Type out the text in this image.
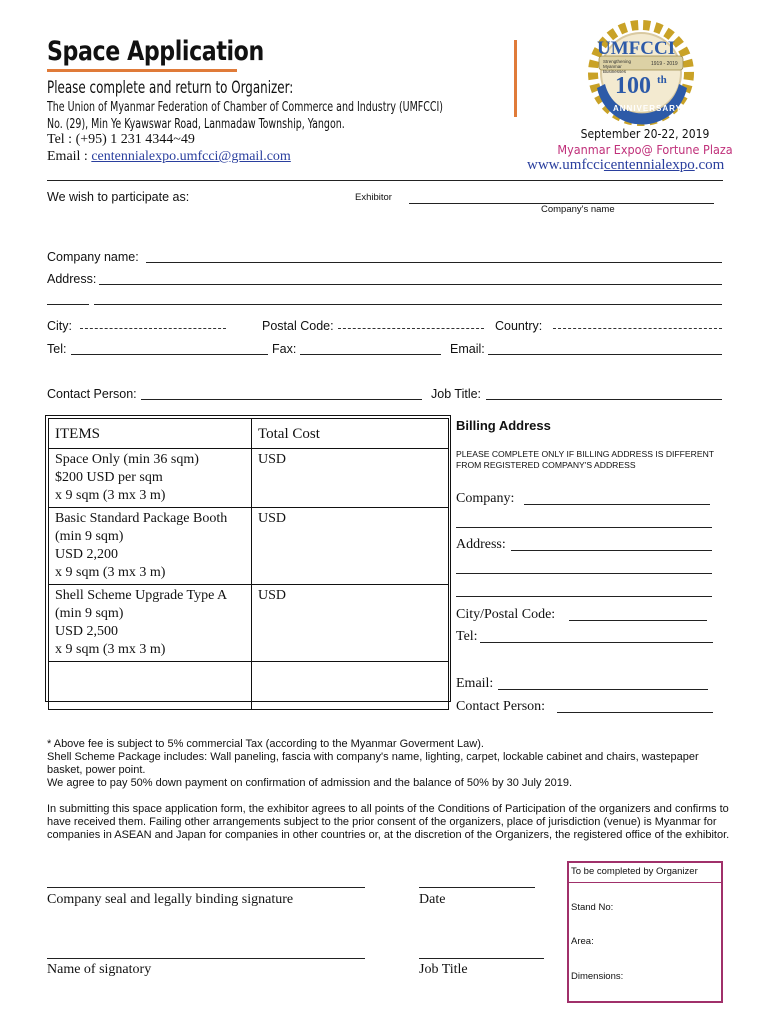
Space Application
Please complete and return to Organizer:
The Union of Myanmar Federation of Chamber of Commerce and Industry (UMFCCI)
No. (29), Min Ye Kyawswar Road, Lanmadaw Township, Yangon.
Tel : (+95) 1 231 4344~49
Email : centennialexpo.umfcci@gmail.com
UMFCCI
Strengthening Myanmar Businesses
1919 - 2019
100 th
ANNIVERSARY
September 20-22, 2019
Myanmar Expo@ Fortune Plaza
www.umfccicentennialexpo.com
We wish to participate as:	Exhibitor
Company's name
Company name:
Address:
City:	Postal Code:	Country:
Tel:	Fax:	Email:
Contact Person:	Job Title:
ITEMS	Total Cost

Space Only (min 36 sqm)
$200 USD per sqm
x 9 sqm (3 mx 3 m)	USD

Basic Standard Package Booth
(min 9 sqm)
USD 2,200
x 9 sqm (3 mx 3 m)	USD

Shell Scheme Upgrade Type A
(min 9 sqm)
USD 2,500
x 9 sqm (3 mx 3 m)	USD

Billing Address
PLEASE COMPLETE ONLY IF BILLING ADDRESS IS DIFFERENT FROM REGISTERED COMPANY'S ADDRESS
Company:
Address:
City/Postal Code:
Tel:
Email:
Contact Person:
* Above fee is subject to 5% commercial Tax (according to the Myanmar Goverment Law).
Shell Scheme Package includes: Wall paneling, fascia with company's name, lighting, carpet, lockable cabinet and chairs, wastepaper basket, power point.
We agree to pay 50% down payment on confirmation of admission and the balance of 50% by 30 July 2019.
In submitting this space application form, the exhibitor agrees to all points of the Conditions of Participation of the organizers and confirms to have received them. Failing other arrangements subject to the prior consent of the organizers, place of jurisdiction (venue) is Myanmar for companies in ASEAN and Japan for companies in other countries or, at the discretion of the Organizers, the registered office of the exhibitor.
Company seal and legally binding signature	Date
Name of signatory	Job Title
To be completed by Organizer
Stand No:
Area:
Dimensions:
